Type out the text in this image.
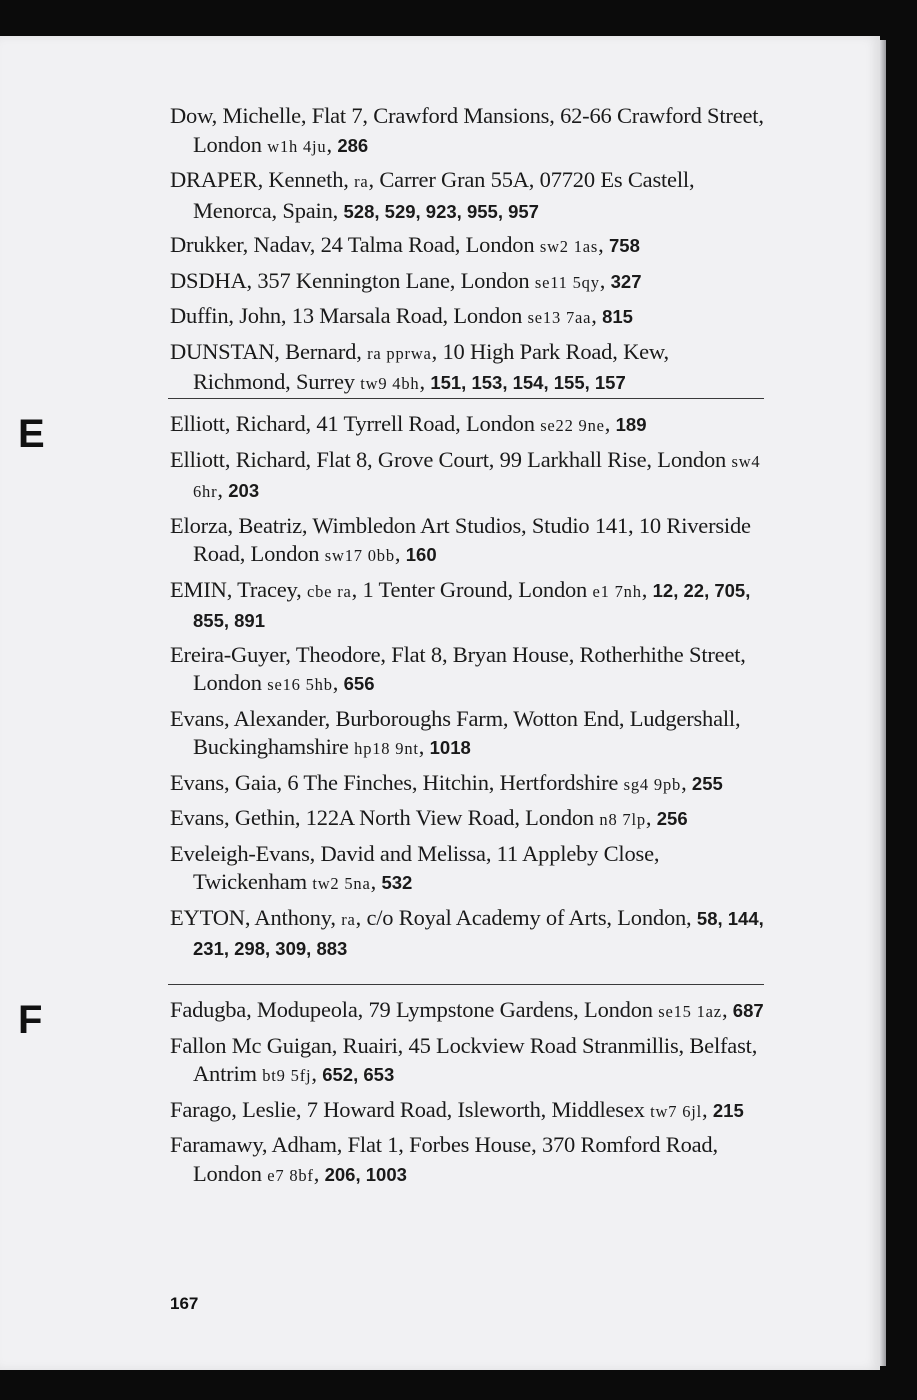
Dow, Michelle, Flat 7, Crawford Mansions, 62-66 Crawford Street, London w1h 4ju, 286

DRAPER, Kenneth, ra, Carrer Gran 55A, 07720 Es Castell, Menorca, Spain, 528, 529, 923, 955, 957

Drukker, Nadav, 24 Talma Road, London sw2 1as, 758

DSDHA, 357 Kennington Lane, London se11 5qy, 327

Duffin, John, 13 Marsala Road, London se13 7aa, 815

DUNSTAN, Bernard, ra pprwa, 10 High Park Road, Kew, Richmond, Surrey tw9 4bh, 151, 153, 154, 155, 157

E	Elliott, Richard, 41 Tyrrell Road, London se22 9ne, 189

Elliott, Richard, Flat 8, Grove Court, 99 Larkhall Rise, London sw4 6hr, 203

Elorza, Beatriz, Wimbledon Art Studios, Studio 141, 10 Riverside Road, London sw17 0bb, 160

EMIN, Tracey, cbe ra, 1 Tenter Ground, London e1 7nh, 12, 22, 705, 855, 891

Ereira-Guyer, Theodore, Flat 8, Bryan House, Rotherhithe Street, London se16 5hb, 656

Evans, Alexander, Burboroughs Farm, Wotton End, Ludgershall, Buckinghamshire hp18 9nt, 1018

Evans, Gaia, 6 The Finches, Hitchin, Hertfordshire sg4 9pb, 255

Evans, Gethin, 122A North View Road, London n8 7lp, 256

Eveleigh-Evans, David and Melissa, 11 Appleby Close, Twickenham tw2 5na, 532

EYTON, Anthony, ra, c/o Royal Academy of Arts, London, 58, 144, 231, 298, 309, 883

F	Fadugba, Modupeola, 79 Lympstone Gardens, London se15 1az, 687

Fallon Mc Guigan, Ruairi, 45 Lockview Road Stranmillis, Belfast, Antrim bt9 5fj, 652, 653

Farago, Leslie, 7 Howard Road, Isleworth, Middlesex tw7 6jl, 215

Faramawy, Adham, Flat 1, Forbes House, 370 Romford Road, London e7 8bf, 206, 1003

167
